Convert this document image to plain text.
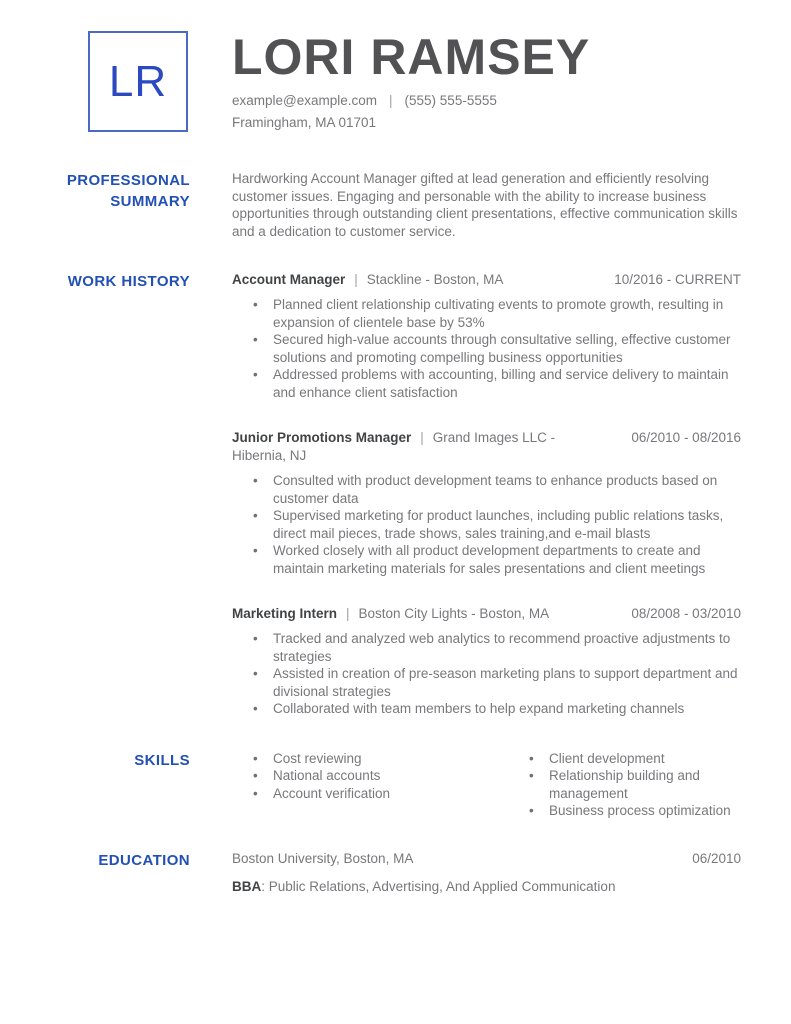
LR LORI RAMSEY
example@example.com | (555) 555-5555
Framingham, MA 01701
PROFESSIONAL
SUMMARY
Hardworking Account Manager gifted at lead generation and efficiently resolving customer issues. Engaging and personable with the ability to increase business opportunities through outstanding client presentations, effective communication skills and a dedication to customer service.
WORK HISTORY	Account Manager | Stackline - Boston, MA	10/2016 - CURRENT
• Planned client relationship cultivating events to promote growth, resulting in expansion of clientele base by 53%
• Secured high-value accounts through consultative selling, effective customer solutions and promoting compelling business opportunities
• Addressed problems with accounting, billing and service delivery to maintain and enhance client satisfaction
Junior Promotions Manager | Grand Images LLC - Hibernia, NJ
06/2010 - 08/2016
• Consulted with product development teams to enhance products based on customer data
• Supervised marketing for product launches, including public relations tasks, direct mail pieces, trade shows, sales training,and e-mail blasts
• Worked closely with all product development departments to create and maintain marketing materials for sales presentations and client meetings
Marketing Intern | Boston City Lights - Boston, MA	08/2008 - 03/2010
• Tracked and analyzed web analytics to recommend proactive adjustments to strategies
• Assisted in creation of pre-season marketing plans to support department and divisional strategies
• Collaborated with team members to help expand marketing channels
SKILLS	• Cost reviewing
• National accounts
• Account verification
• Client development
• Relationship building and management
• Business process optimization
EDUCATION	Boston University, Boston, MA	06/2010
BBA: Public Relations, Advertising, And Applied Communication
